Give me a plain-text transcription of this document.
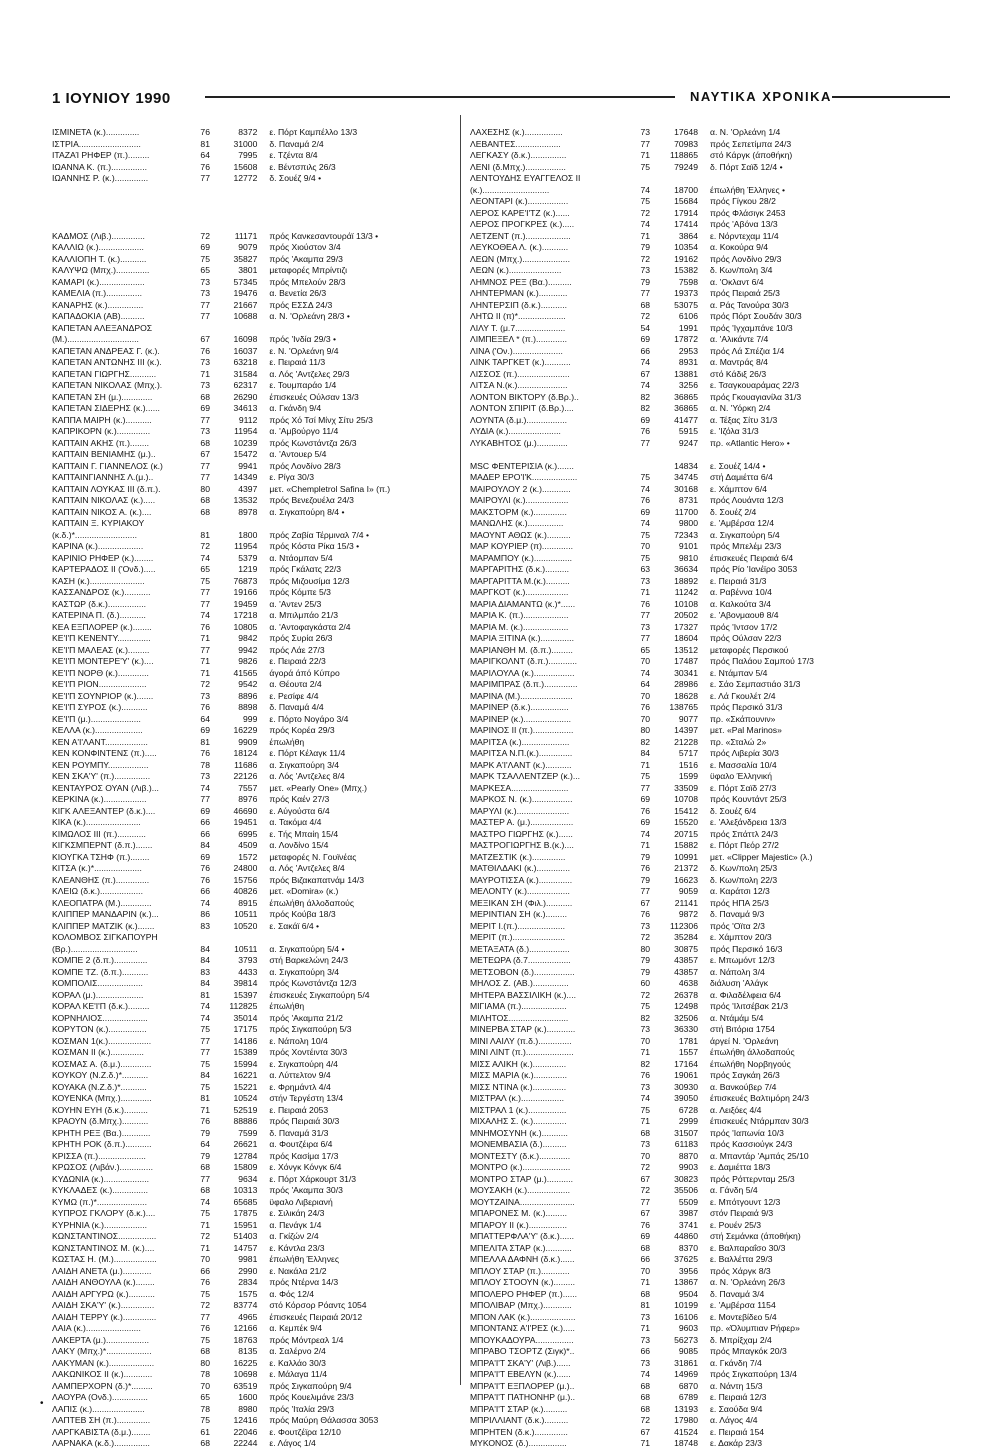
1 ΙΟΥΝΙΟΥ 1990	ΝΑΥΤΙΚΑ ΧΡΟΝΙΚΑ
ΙΣΜΙΝΕΤΑ (κ.)..............	76	8372	ε. Πόρτ Καμπέλλο 13/3
ΙΣΤΡΙΑ..........................	81	31000	δ. Παναμά 2/4
ΙΤΑΖΑΊ ΡΗΦΕΡ (π.).........	64	7995	ε. Τζέντα 8/4
ΙΩΑΝΝΑ Κ. (π.)...............	76	15608	ε. Βέντσπιλς 26/3
ΙΩΑΝΝΗΣ Ρ. (κ.)..............	77	12772	δ. Σουέζ 9/4 •
ΚΑΔΜΟΣ (Λιβ.)..............	72	11171	πρός Κανκεσαντουράϊ 13/3 •
ΚΑΛΛΙΩ (κ.)...................	69	9079	πρός Χιούστον 3/4
ΚΑΛΛΙΟΠΗ Τ. (κ.)...........	75	35827	πρός 'Ακαμπα 29/3
ΚΑΛΥΨΩ (Μπχ.)..............	65	3801	μεταφορές Μπρίντιζι
ΚΑΜΑΡΙ (κ.)...................	73	57345	πρός Μπελούν 28/3
ΚΑΜΕΛΙΑ (π.)...............	73	19476	α. Βενετία 26/3
ΚΑΝΑΡΗΣ (κ.)...............	77	21667	πρός ΕΣΣΔ 24/3
ΚΑΠΑΔΟΚΙΑ (ΑΒ)..........	77	10688	α. Ν. 'Ορλεάνη 28/3 •
ΚΑΠΕΤΑΝ ΑΛΕΞΑΝΔΡΟΣ
(Μ.)..............................	67	16098	πρός 'Ινδία 29/3 •
ΚΑΠΕΤΑΝ ΑΝΔΡΕΑΣ Γ. (κ.).	76	16037	ε. Ν. 'Ορλεάνη 9/4
ΚΑΠΕΤΑΝ ΑΝΤΩΝΗΣ ΙΙΙ (κ.).	73	63218	ε. Πειραιά 11/3
ΚΑΠΕΤΑΝ ΓΙΩΡΓΗΣ...........	71	31584	α. Λός 'Αντζελες 29/3
ΚΑΠΕΤΑΝ ΝΙΚΟΛΑΣ (Μπχ.).	73	62317	ε. Τουμπαράο 1/4
ΚΑΠΕΤΑΝ ΣΗ (μ.).............	68	26290	έπισκευές Ούλσαν 13/3
ΚΑΠΕΤΑΝ ΣΙΔΕΡΗΣ (κ.)......	69	34613	α. Γκάνδη 9/4
ΚΑΠΠΑ ΜΑΙΡΗ (κ.)...........	77	9112	πρός Χό Τσί Μίνχ Σίτυ 25/3
ΚΑΠΡΙΚΟΡΝ (κ.)..............	73	11954	α. 'Αμβούργο 11/4
ΚΑΠΤΑΙΝ ΑΚΗΣ (π.)........	68	10239	πρός Κωνστάντζα 26/3
ΚΑΠΤΑΙΝ ΒΕΝΙΑΜΗΣ (μ.)..	67	15472	α. 'Αντουερ 5/4
ΚΑΠΤΑΙΝ Γ. ΓΙΑΝΝΕΛΟΣ (κ.)	77	9941	πρός Λονδίνο 28/3
ΚΑΠΤΑΙΝΓΙΑΝΝΗΣ Λ.(μ.)..	77	14349	ε. Ρίγα 30/3
ΚΑΠΤΑΙΝ ΛΟΥΚΑΣ ΙΙΙ (δ.π.).	80	4397	μετ. «Chempletrol Safina I» (π.)
ΚΑΠΤΑΙΝ ΝΙΚΟΛΑΣ (κ.).....	68	13532	πρός Βενεζουέλα 24/3
ΚΑΠΤΑΙΝ ΝΙΚΟΣ Α. (κ.)....	68	8978	α. Σιγκαπούρη 8/4 •
ΚΑΠΤΑΙΝ Ξ. ΚΥΡΙΑΚΟΥ
(κ.δ.)*..........................	81	1800	πρός Ζαβία Τέρμιναλ 7/4 •
ΚΑΡΙΝΑ (κ.)...................	72	11954	πρός Κόστα Ρίκα 15/3 •
ΚΑΡΙΝΙΟ ΡΗΦΕΡ (κ.)........	74	5379	α. Ντάομπαν 5/4
ΚΑΡΤΕΡΑΔΟΣ ΙΙ ('Ονδ.).....	65	1219	πρός Γκάλατς 22/3
ΚΑΣΗ (κ.).......................	75	76873	πρός Μιζουσίμα 12/3
ΚΑΣΣΑΝΔΡΟΣ (κ.)...........	77	19166	πρός Κόμπε 5/3
ΚΑΣΤΩΡ (δ.κ.)................	77	19459	α. 'Αντεν 25/3
ΚΑΤΕΡΙΝΑ Π. (δ.)...........	74	17218	α. Μπιλμπάο 21/3
ΚΕΑ ΕΞΠΛΟΡΕΡ (κ.)........	76	10805	α. 'Αντοφαγκάστα 2/4
ΚΕ'Ι'Π ΚΕΝΕΝΤΥ..............	71	9842	πρός Συρία 26/3
ΚΕ'Ι'Π ΜΑΛΕΑΣ (κ.).........	77	9942	πρός Λάε 27/3
ΚΕ'Ι'Π ΜΟΝΤΕΡΕ'Υ' (κ.)....	71	9826	ε. Πειραιά 22/3
ΚΕ'Ι'Π ΝΟΡΘ (κ.).............	71	41565	άγορά άπό Κύπρο
ΚΕ'Ι'Π ΡΙΟΝ....................	72	9542	α. Θέουτα 2/4
ΚΕ'Ι'Π ΣΟΥΝΡΙΟΡ (κ.).......	73	8896	ε. Ρεσίφε 4/4
ΚΕ'Ι'Π ΣΥΡΟΣ (κ.)...........	76	8898	δ. Παναμά 4/4
ΚΕ'Ι'Π (μ.).....................	64	999	ε. Πόρτο Νογάρο 3/4
ΚΕΛΛΑ (κ.)....................	69	16229	πρός Κορέα 29/3
ΚΕΝ Α'Ι'ΛΑΝΤ..................	81	9909	έπωλήθη
ΚΕΝ ΚΟΝΦΙΝΤΕΝΣ (π.).....	76	18124	ε. Πόρτ Κέλαγκ 11/4
ΚΕΝ ΡΟΥΜΠΥ.................	78	11686	α. Σιγκαπούρη 3/4
ΚΕΝ ΣΚΑ'Υ' (π.)...............	73	22126	α. Λός 'Αντζελες 8/4
ΚΕΝΤΑΥΡΟΣ ΟΥΑΝ (Λιβ.)...	74	7557	μετ. «Pearly One» (Μπχ.)
ΚΕΡΚΙΝΑ (κ.)..................	77	8976	πρός Καέν 27/3
ΚΙΓΚ ΑΛΕΞΑΝΤΕΡ (δ.κ.)....	69	46690	ε. Αύγούστα 6/4
ΚΙΚΑ (κ.).......................	66	19451	α. Τακόμα 4/4
ΚΙΜΩΛΟΣ ΙΙΙ (π.)............	66	6995	ε. Τής Μπαίη 15/4
ΚΙΓΚΣΜΠΕΡΝΤ (δ.π.).......	84	4509	α. Λονδίνο 15/4
ΚΙΟΥΓΚΑ ΤΣΗΦ (π.)........	69	1572	μεταφορές Ν. Γουϊνέας
ΚΙΤΣΑ (κ.)*....................	76	24800	α. Λός 'Αντζελες 8/4
ΚΛΕΑΝΘΗΣ (π.)..............	76	15756	πρός Βιζακαπατνάμ 14/3
ΚΛΕΙΩ (δ.κ.)..................	66	40826	μετ. «Domira» (κ.)
ΚΛΕΟΠΑΤΡΑ (Μ.).............	74	8915	έπωλήθη άλλοδαπούς
ΚΛΙΠΠΕΡ ΜΑΝΔΑΡΙΝ (κ.)...	86	10511	πρός Κούβα 18/3
ΚΛΙΠΠΕΡ ΜΑΤΖΙΚ (κ.).......	83	10520	ε. Σακάϊ 6/4 •
ΚΟΛΟΜΒΟΣ ΣΙΓΚΑΠΟΥΡΗ
(Βρ.)............................	84	10511	α. Σιγκαπούρη 5/4 •
ΚΟΜΠΕ 2 (δ.π.)..............	84	3793	στή Βαρκελώνη 24/3
ΚΟΜΠΕ ΤΖ. (δ.π.)...........	83	4433	α. Σιγκαπούρη 3/4
ΚΟΜΠΟΛΙΣ...................	84	39814	πρός Κωνστάντζα 12/3
ΚΟΡΑΛ (μ.)....................	81	15397	έπισκευές Σιγκαπούρη 5/4
ΚΟΡΑΛ ΚΕ'Ι'Π (δ.κ.).........	74	112825	έπωλήθη
ΚΟΡΝΗΛΙΟΣ...................	74	35014	πρός 'Ακαμπα 21/2
ΚΟΡΥΤΟΝ (κ.)................	75	17175	πρός Σιγκαπούρη 5/3
ΚΟΣΜΑΝ 1(κ.)..................	77	14186	ε. Νάπολη 10/4
ΚΟΣΜΑΝ ΙΙ (κ.)..............	77	15389	πρός Χοντέιντα 30/3
ΚΟΣΜΑΣ Α. (δ.μ.).............	75	15994	ε. Σιγκαπούρη 4/4
ΚΟΥΚΟΥ (Ν.Ζ.δ.)*...........	84	16221	α. Λύττελτον 9/4
ΚΟΥΑΚΑ (Ν.Ζ.δ.)*...........	75	15221	ε. Φρημάντλ 4/4
ΚΟΥΕΝΚΑ (Μπχ.).............	81	10524	στήν Τεργέστη 13/4
ΚΟΥΗΝ ΕΥΗ (δ.κ.)..........	71	52519	ε. Πειραιά 2053
ΚΡΑΟΥΝ (δ.Μπχ.)...........	76	88886	πρός Πειραιά 30/3
ΚΡΗΤΗ ΡΕΞ (Βα.)............	79	7599	δ. Παναμά 31/3
ΚΡΗΤΗ ΡΟΚ (δ.π.)...........	64	26621	α. Φουτζέιρα 6/4
ΚΡΙΣΣΑ (π.)....................	79	12784	πρός Κασίμα 17/3
ΚΡΩΣΟΣ (Λιβάν.)..............	68	15809	ε. Χόνγκ Κόνγκ 6/4
ΚΥΔΩΝΙΑ (κ.)...................	77	9634	ε. Πόρτ Χάρκουρτ 31/3
ΚΥΚΛΑΔΕΣ (κ.)...............	68	10313	πρός 'Ακαμπα 30/3
ΚΥΜΩ (π.)*.....................	74	65685	ϋφαλο Λιβεριανή
ΚΥΠΡΟΣ ΓΚΛΟΡΥ (δ.κ.)....	75	17875	ε. Σιλικάη 24/3
ΚΥΡΗΝΙΑ (κ.)..................	71	15951	α. Πενάγκ 1/4
ΚΩΝΣΤΑΝΤΙΝΟΣ................	72	51403	α. Γκίζών 2/4
ΚΩΝΣΤΑΝΤΙΝΟΣ Μ. (κ.)....	71	14757	ε. Κάντλα 23/3
ΚΩΣΤΑΣ Η. (Μ.)..................	70	9981	έπωλήθη Έλληνες
ΛΑΙΔΗ ΑΝΕΤΑ (μ.)............	66	2990	ε. Νακάλα 21/2
ΛΑΙΔΗ ΑΝΘΟΥΛΑ (κ.)........	76	2834	πρός Ντέρνα 14/3
ΛΑΙΔΗ ΑΡΓΥΡΩ (κ.)...........	75	1575	α. Φός 12/4
ΛΑΙΔΗ ΣΚΑ'Υ' (κ.)..............	72	83774	στό Κόρσορ Ρόαντς 1054
ΛΑΙΔΗ ΤΕΡΡΥ (κ.)..............	77	4965	έπισκευές Πειραιά 20/12
ΛΑΙΑ (κ.).......................	76	12166	α. Κεμπέκ 9/4
ΛΑΚΕΡΤΑ (μ.)..................	75	18763	πρός Μόντρεαλ 1/4
ΛΑΚΥ (Μπχ.)*...................	68	8135	α. Σαλέρνο 2/4
ΛΑΚΥΜΑΝ (κ.)...................	80	16225	ε. Καλλάο 30/3
ΛΑΚΩΝΙΚΟΣ ΙΙ (κ.)............	78	10698	ε. Μάλαγα 11/4
ΛΑΜΠΕΡΧΟΡΝ (δ.)*.........	70	63519	πρός Σιγκαπούρη 9/4
ΛΑΟΥΡΑ (Ονδ.)...............	65	1600	πρός Κουελιμάνε 23/3
ΛΑΠΙΣ (κ.)......................	78	8980	πρός 'Ιταλία 29/3
ΛΑΠΤΕΒ ΣΗ (π.)..............	75	12416	πρός Μαύρη Θάλασσα 3053
ΛΑΡΓΚΑΒΙΣΤΑ (δ.μ.)........	61	22046	ε. Φουτζέϊρα 12/10
ΛΑΡΝΑΚΑ (κ.δ.)...............	68	22244	ε. Λάγος 1/4
ΛΑΧΕΣΗΣ (κ.)................	73	17648	α. Ν. 'Ορλεάνη 1/4
ΛΕΒΑΝΤΕΣ...................	77	70983	πρός Σεπετίμπα 24/3
ΛΕΓΚΑΣΥ (δ.κ.)...............	71	118865	στό Κάργκ (άποθήκη)
ΛΕΝΙ (δ.Μπχ.).................	75	79249	δ. Πόρτ Σαϊδ 12/4 •
ΛΕΝΤΟΥΔΗΣ ΕΥΑΓΓΕΛΟΣ ΙΙ
(κ.)............................	74	18700	έπωλήθη Έλληνες •
ΛΕΟΝΤΑΡΙ (κ.).................	75	15684	πρός Γίγκου 28/2
ΛΕΡΟΣ ΚΑΡΕ'Ι'ΤΖ (κ.)......	72	17914	πρός Φλάσιγκ 2453
ΛΕΡΟΣ ΠΡΟΓΚΡΕΣ (κ.).....	74	17414	πρός 'Αβόνα 13/3
ΛΕΤΖΕΝΤ (π.)...................	71	3864	ε. Νόρντεχαμ 11/4
ΛΕΥΚΟΘΕΑ Λ. (κ.)...........	79	10354	α. Κοκούρα 9/4
ΛΕΩΝ (Μπχ.)....................	72	19162	πρός Λονδίνο 29/3
ΛΕΩΝ (κ.)......................	73	15382	δ. Κων/πολη 3/4
ΛΗΜΝΟΣ ΡΕΞ (Βα.)..........	79	7598	α. 'Οκλαντ 6/4
ΛΗΝΤΕΡΜΑΝ (κ.)............	77	19373	πρός Πειραιά 25/3
ΛΗΝΤΕΡΣΙΠ (δ.κ.)...........	68	53075	α. Ράς Τανούρα 30/3
ΛΗΤΩ ΙΙ (π)*....................	72	6106	πρός Πόρτ Σουδάν 30/3
ΛΙΛΥ Τ. (μ.7.....................	54	1991	πρός 'Ιγχαμπάνε 10/3
ΛΙΜΠΕΞΕΛ * (π.).............	69	17872	α. 'Αλικάντε 7/4
ΛΙΝΑ ('Ον.).....................	66	2953	πρός Λά Σπέζια 1/4
ΛΙΝΚ ΤΑΡΓΚΕΤ (κ.)...........	74	8931	α. Μαντράς 8/4
ΛΙΣΣΟΣ (π.)......................	67	13881	στό Κάδιξ 26/3
ΛΙΤΣΑ Ν.(κ.).....................	74	3256	ε. Τσαγκουαράμας 22/3
ΛΟΝΤΟΝ ΒΙΚΤΟΡΥ (δ.Βρ.)..	82	36865	πρός Γκουαγιανίλα 31/3
ΛΟΝΤΟΝ ΣΠΙΡΙΤ (δ.Βρ.)....	82	36865	α. Ν. 'Υόρκη 2/4
ΛΟΥΝΤΑ (δ.μ.).................	69	41477	α. Τέξας Σίτυ 31/3
ΛΥΔΙΑ (κ.)......................	76	5915	ε. 'Ιζόλα 31/3
ΛΥΚΑΒΗΤΟΣ (μ.).............	77	9247	πρ. «Atlantic Hero» •
MSC ΦΕΝΤΕΡΙΣΙΑ (κ.).......	14834	ε. Σουέζ 14/4 •
ΜΑΔΕΡ ΕΡΟ'Ι'Κ...................	75	34745	στή Δαμιέττα 6/4
ΜΑΙΡΟΥΛΟΥ 2 (κ.)............	74	30168	ε. Χάμπτον 6/4
ΜΑΙΡΟΥΛΙ (κ.)..................	76	8731	πρός Λουάντα 12/3
ΜΑΚΣΤΟΡΜ (κ.)..............	69	11700	δ. Σουέζ 2/4
ΜΑΝΩΛΗΣ (κ.)...............	74	9800	ε. 'Αμβέρσα 12/4
ΜΑΟΥΝΤ ΑΘΩΣ (κ.)..........	75	72343	α. Σιγκαπούρη 5/4
ΜΑΡ ΚΟΥΡΙΕΡ (π).............	70	9101	πρός Μπελέμ 23/3
ΜΑΡΑΜΠΟΥ (κ.)................	75	9810	έπισκευές Πειραιά 6/4
ΜΑΡΓΑΡΙΤΗΣ (δ.κ.)..........	63	36634	πρός Ρίο 'Ιανέϊρο 3053
ΜΑΡΓΑΡΙΤΤΑ Μ.(κ.)..........	73	18892	ε. Πειραιά 31/3
ΜΑΡΓΚΟΤ (κ.)..................	71	11242	α. Ραβέννα 10/4
ΜΑΡΙΑ ΔΙΑΜΑΝΤΩ (κ.)*......	76	10108	α. Καλκούτα 3/4
ΜΑΡΙΑ Κ. (π.)...................	77	20502	ε. 'Αβονμαουθ 8/4
ΜΑΡΙΑ Μ. (κ.)...................	73	17327	πρός 'Ιντσον 17/2
ΜΑΡΙΑ ΞΙΤΙΝΑ (κ.)..............	77	18604	πρός Ούλσαν 22/3
ΜΑΡΙΑΝΘΗ Μ. (δ.π.).........	65	13512	μεταφορές Περσικού
ΜΑΡΙΓΚΟΛΝΤ (δ.π.)............	70	17487	πρός Παλάου Σαμπού 17/3
ΜΑΡΙΛΟΥΛΑ (κ.).................	74	30341	ε. Ντάμπαν 5/4
ΜΑΡΙΜΠΡΑΣ (δ.π.)..............	64	28986	ε. Σάο Σεμπαστιάο 31/3
ΜΑΡΙΝΑ (Μ.)......................	70	18628	ε. Λά Γκουλέτ 2/4
ΜΑΡΙΝΕΡ (δ.κ.)................	76	138765	πρός Περσικό 31/3
ΜΑΡΙΝΕΡ (κ.)....................	70	9077	πρ. «Σκάπουνιν»
ΜΑΡΙΝΟΣ ΙΙ (π.).................	80	14397	μετ. «Pal Marinos»
ΜΑΡΙΤΣΑ (κ.)....................	82	21228	πρ. «Σταλώ 2»
ΜΑΡΙΤΣΑ Ν.Π.(κ.)..............	84	5717	πρός Λιβερία 30/3
ΜΑΡΚ Α'Ι'ΛΑΝΤ (κ.)...........	71	1516	ε. Μασσαλία 10/4
ΜΑΡΚ ΤΣΑΛΛΕΝΤΖΕΡ (κ.)...	75	1599	ϋφαλο Έλληνική
ΜΑΡΚΕΣΑ........................	77	33509	ε. Πόρτ Σαϊδ 27/3
ΜΑΡΚΟΣ Ν. (κ.).................	69	10708	πρός Κουντάντ 25/3
ΜΑΡΥΛΙ (κ.)......................	76	15412	δ. Σουέζ 6/4
ΜΑΣΤΕΡ Α. (μ.)..................	69	15520	ε. 'Αλεξάνδρεια 13/3
ΜΑΣΤΡΟ ΓΙΩΡΓΗΣ (κ.)......	74	20715	πρός Σπάττλ 24/3
ΜΑΣΤΡΟΓΙΩΡΓΗΣ Β.(κ.)....	71	15882	ε. Πόρτ Πεόρ 27/2
ΜΑΤΖΕΣΤΙΚ (κ.)..............	79	10991	μετ. «Clipper Majestic» (λ.)
ΜΑΤΘΙΛΔΑΚΙ (κ.)..............	76	21372	δ. Κων/πολη 25/3
ΜΑΥΡΟΤΙΣΣΑ (κ.)..............	79	16623	δ. Κων/πολη 22/3
ΜΕΛΟΝΤΥ (κ.)..................	77	9059	α. Καράτσι 12/3
ΜΕΞΙΚΑΝ ΣΗ (Φιλ.)...........	67	21141	πρός ΗΠΑ 25/3
ΜΕΡΙΝΤΙΑΝ ΣΗ (κ.).........	76	9872	δ. Παναμά 9/3
ΜΕΡΙΤ Ι.(π.)....................	73	112306	πρός 'Οϊτα 2/3
ΜΕΡΙΤ (π.)......................	72	35284	ε. Χάμπτον 20/3
ΜΕΤΑΞΑΤΑ (δ.).................	80	30875	πρός Περσικό 16/3
ΜΕΤΕΩΡΑ (δ.7..................	79	43857	ε. Μπωμόντ 12/3
ΜΕΤΣΟΒΟΝ (δ.).................	79	43857	α. Νάπολη 3/4
ΜΗΛΟΣ Ζ. (ΑΒ.)...............	60	4638	διάλυση 'Αλάγκ
ΜΗΤΕΡΑ ΒΑΣΣΙΛΙΚΗ (κ.)....	72	26378	α. Φιλαδέλφεια 6/4
ΜΙΓΙΑΜΑ (π.)...................	75	12498	πρός 'Ιλιτσέβακ 21/3
ΜΙΛΗΤΟΣ.........................	82	32506	α. Ντάμάμ 5/4
ΜΙΝΕΡΒΑ ΣΤΑΡ (κ.)............	73	36330	στή Βιτόρια 1754
ΜΙΝΙ ΛΑΙΛΥ (π.δ.)..............	70	1781	άργεί Ν. 'Ορλεάνη
ΜΙΝΙ ΛΙΝΤ (π.)....................	71	1557	έπωλήθη άλλοδαπούς
ΜΙΣΣ ΑΛΙΚΗ (κ.)..............	82	17164	έπωλήθη Νορβηγούς
ΜΙΣΣ ΜΑΡΙΑ (κ.)..............	76	19061	πρός Σαγκάη 26/3
ΜΙΣΣ ΝΤΙΝΑ (κ.)..............	73	30930	α. Βανκούβερ 7/4
ΜΙΣΤΡΑΛ (κ.)..................	74	39050	έπισκευές Βαλτιμόρη 24/3
ΜΙΣΤΡΑΛ 1 (κ.)................	75	6728	α. Λειξόες 4/4
ΜΙΧΑΛΗΣ Σ. (κ.)..............	71	2999	έπισκευές Ντάρμπαν 30/3
ΜΝΗΜΟΣΥΝΗ (κ.)...........	68	31507	πρός 'Ιαπωνία 10/3
ΜΟΝΕΜΒΑΣΙΑ (δ.)..........	73	61183	πρός Κασσιούγκ 24/3
ΜΟΝΤΕΣΤΥ (δ.κ.).............	70	8870	α. Μπαντάρ 'Αμπάς 25/10
ΜΟΝΤΡΟ (κ.)....................	72	9903	ε. Δαμιέττα 18/3
ΜΟΝΤΡΟ ΣΤΑΡ (μ.)...........	67	30823	πρός Ρόττερνταμ 25/3
ΜΟΥΣΑΚΗ (κ.)..................	72	35506	α. Γάνδη 5/4
ΜΟΥΤΖΑΙΝΑ.......................	77	5509	ε. Μπότγουντ 12/3
ΜΠΑΡΟΝΕΣ Μ. (κ.).........	67	3987	στόν Πειραιά 9/3
ΜΠΑΡΟΥ ΙΙ (κ.)................	76	3741	ε. Ρουέν 25/3
ΜΠΑΤΤΕΡΦΛΑ'Υ' (δ.κ.)......	69	44860	στή Σεμάνκα (άποθήκη)
ΜΠΕΛΙΤΑ ΣΤΑΡ (κ.)...........	68	8370	ε. Βαλπαραΐσο 30/3
ΜΠΕΛΛΑ ΔΑΦΝΗ (δ.κ.)......	66	37625	ε. Βαλλέττα 29/3
ΜΠΛΟΥ ΣΤΑΡ (π.)............	70	3956	πρός Χάργκ 8/3
ΜΠΛΟΥ ΣΤΟΟΥΝ (κ.).........	71	13867	α. Ν. 'Ορλεάνη 26/3
ΜΠΟΛΕΡΟ ΡΗΦΕΡ (π.)......	68	9504	δ. Παναμά 3/4
ΜΠΟΛΙΒΑΡ (Μπχ.)............	81	10199	ε. 'Αμβέρσα 1154
ΜΠΟΝ ΛΑΚ (κ.)...................	73	16106	ε. Μοντεβίδεο 5/4
ΜΠΟΝΤΑΝΣ Α'Ι'ΡΕΣ (κ.).....	71	9603	πρ. «Όλυμπιαν Ρήφερ»
ΜΠΟΥΚΑΔΟΥΡΑ................	73	56273	δ. Μπρίξχαμ 2/4
ΜΠΡΑΒΟ ΤΣΟΡΤΖ (Σιγκ)*..	66	9085	πρός Μπαγκόκ 20/3
ΜΠΡΑ'Ι'Τ ΣΚΑ'Υ' (Λιβ.)......	73	31861	α. Γκάνδη 7/4
ΜΠΡΑ'Ι'Τ ΕΒΕΛΥΝ (κ.)......	74	14969	πρός Σιγκαπούρη 13/4
ΜΠΡΑ'Ι'Τ ΕΞΠΛΟΡΕΡ (μ.)..	68	6870	α. Νάντη 15/3
ΜΠΡΑ'Ι'Τ ΠΑΤΗΟΝΗΡ (μ.)..	68	6789	ε. Πειραιά 12/3
ΜΠΡΑ'Ι'Τ ΣΤΑΡ (κ.)..........	68	13193	ε. Σαούδα 9/4
ΜΠΡΙΛΛΙΑΝΤ (δ.κ.)..........	72	17980	α. Λάγος 4/4
ΜΠΡΗΤΕΝ (δ.κ.)..............	67	41524	ε. Πειραιά 154
ΜΥΚΟΝΟΣ (δ.)................	71	18748	ε. Δακάρ 23/3
•
